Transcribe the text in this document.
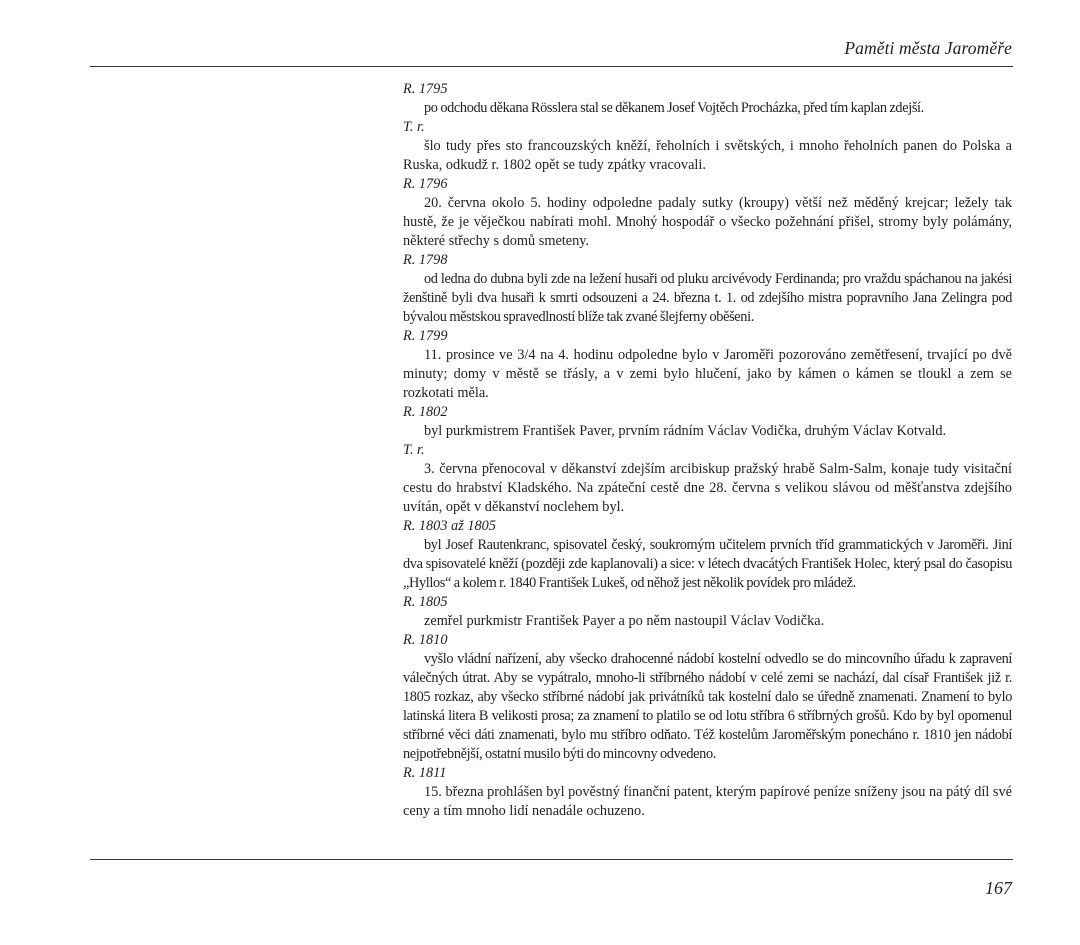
Paměti města Jaroměře

R. 1795

po odchodu děkana Rösslera stal se děkanem Josef Vojtěch Procházka, před tím kaplan zdejší.

T. r.

šlo tudy přes sto francouzských kněží, řeholních i světských, i mnoho řeholních panen do Polska a Ruska, odkudž r. 1802 opět se tudy zpátky vracovali.

R. 1796

20. června okolo 5. hodiny odpoledne padaly sutky (kroupy) větší než měděný krejcar; ležely tak hustě, že je věječkou nabírati mohl. Mnohý hospodář o všecko požehnání přišel, stromy byly polámány, některé střechy s domů smeteny.

R. 1798

od ledna do dubna byli zde na ležení husaři od pluku arcivévody Ferdinanda; pro vraždu spáchanou na jakési ženštině byli dva husaři k smrti odsouzeni a 24. března t. 1. od zdejšího mistra popravního Jana Zelingra pod bývalou městskou spravedlností blíže tak zvané šlejferny oběšeni.

R. 1799

11. prosince ve 3/4 na 4. hodinu odpoledne bylo v Jaroměři pozorováno zemětřesení, trvající po dvě minuty; domy v městě se třásly, a v zemi bylo hlučení, jako by kámen o kámen se tloukl a zem se rozkotati měla.

R. 1802

byl purkmistrem František Paver, prvním rádním Václav Vodička, druhým Václav Kotvald.

T. r.

3. června přenocoval v děkanství zdejším arcibiskup pražský hrabě Salm-Salm, konaje tudy visitační cestu do hrabství Kladského. Na zpáteční cestě dne 28. června s velikou slávou od měšťanstva zdejšího uvítán, opět v děkanství noclehem byl.

R. 1803 až 1805

byl Josef Rautenkranc, spisovatel český, soukromým učitelem prvních tříd grammatických v Jaroměři. Jiní dva spisovatelé kněží (později zde kaplanovali) a sice: v létech dvacátých František Holec, který psal do časopisu „Hyllos“ a kolem r. 1840 František Lukeš, od něhož jest několik povídek pro mládež.

R. 1805

zemřel purkmistr František Payer a po něm nastoupil Václav Vodička.

R. 1810

vyšlo vládní nařízení, aby všecko drahocenné nádobí kostelní odvedlo se do mincovního úřadu k zapravení válečných útrat. Aby se vypátralo, mnoho-li stříbrného nádobí v celé zemi se nachází, dal císař František již r. 1805 rozkaz, aby všecko stříbrné nádobí jak privátníků tak kostelní dalo se úředně znamenati. Znamení to bylo latinská litera B velikosti prosa; za znamení to platilo se od lotu stříbra 6 stříbrných grošů. Kdo by byl opomenul stříbrné věci dáti znamenati, bylo mu stříbro odňato. Též kostelům Jaroměřským ponecháno r. 1810 jen nádobí nejpotřebnější, ostatní musilo býti do mincovny odvedeno.

R. 1811

15. března prohlášen byl pověstný finanční patent, kterým papírové peníze sníženy jsou na pátý díl své ceny a tím mnoho lidí nenadále ochuzeno.

167
